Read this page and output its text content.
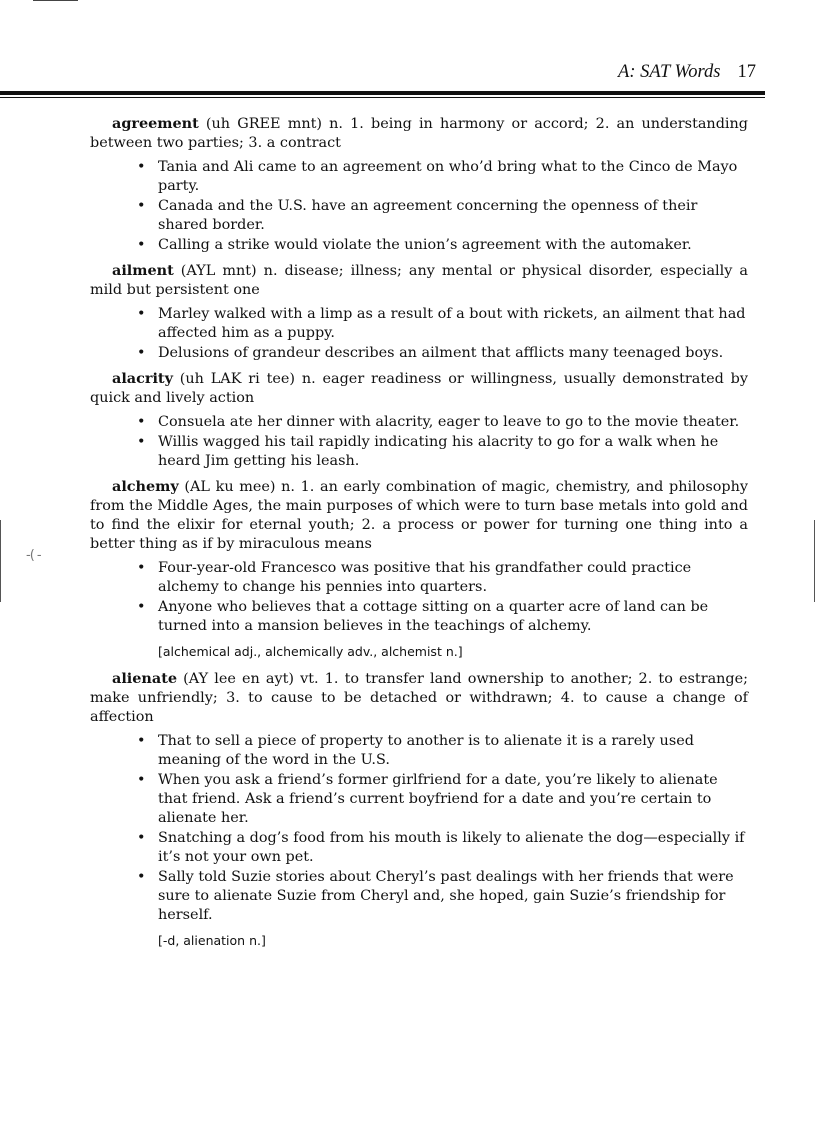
A: SAT Words 17
-( -

agreement (uh GREE mnt) n. 1. being in harmony or accord; 2. an understanding between two parties; 3. a contract

• Tania and Ali came to an agreement on who’d bring what to the Cinco de Mayo party.
• Canada and the U.S. have an agreement concerning the openness of their shared border.
• Calling a strike would violate the union’s agreement with the automaker.

ailment (AYL mnt) n. disease; illness; any mental or physical disorder, especially a mild but persistent one

• Marley walked with a limp as a result of a bout with rickets, an ailment that had affected him as a puppy.
• Delusions of grandeur describes an ailment that afflicts many teenaged boys.

alacrity (uh LAK ri tee) n. eager readiness or willingness, usually demonstrated by quick and lively action

• Consuela ate her dinner with alacrity, eager to leave to go to the movie theater.
• Willis wagged his tail rapidly indicating his alacrity to go for a walk when he heard Jim getting his leash.

alchemy (AL ku mee) n. 1. an early combination of magic, chemistry, and philosophy from the Middle Ages, the main purposes of which were to turn base metals into gold and to find the elixir for eternal youth; 2. a process or power for turning one thing into a better thing as if by miraculous means

• Four-year-old Francesco was positive that his grandfather could practice alchemy to change his pennies into quarters.
• Anyone who believes that a cottage sitting on a quarter acre of land can be turned into a mansion believes in the teachings of alchemy.
[alchemical adj., alchemically adv., alchemist n.]

alienate (AY lee en ayt) vt. 1. to transfer land ownership to another; 2. to estrange; make unfriendly; 3. to cause to be detached or withdrawn; 4. to cause a change of affection

• That to sell a piece of property to another is to alienate it is a rarely used meaning of the word in the U.S.
• When you ask a friend’s former girlfriend for a date, you’re likely to alienate that friend. Ask a friend’s current boyfriend for a date and you’re certain to alienate her.
• Snatching a dog’s food from his mouth is likely to alienate the dog—especially if it’s not your own pet.
• Sally told Suzie stories about Cheryl’s past dealings with her friends that were sure to alienate Suzie from Cheryl and, she hoped, gain Suzie’s friendship for herself.
[-d, alienation n.]
